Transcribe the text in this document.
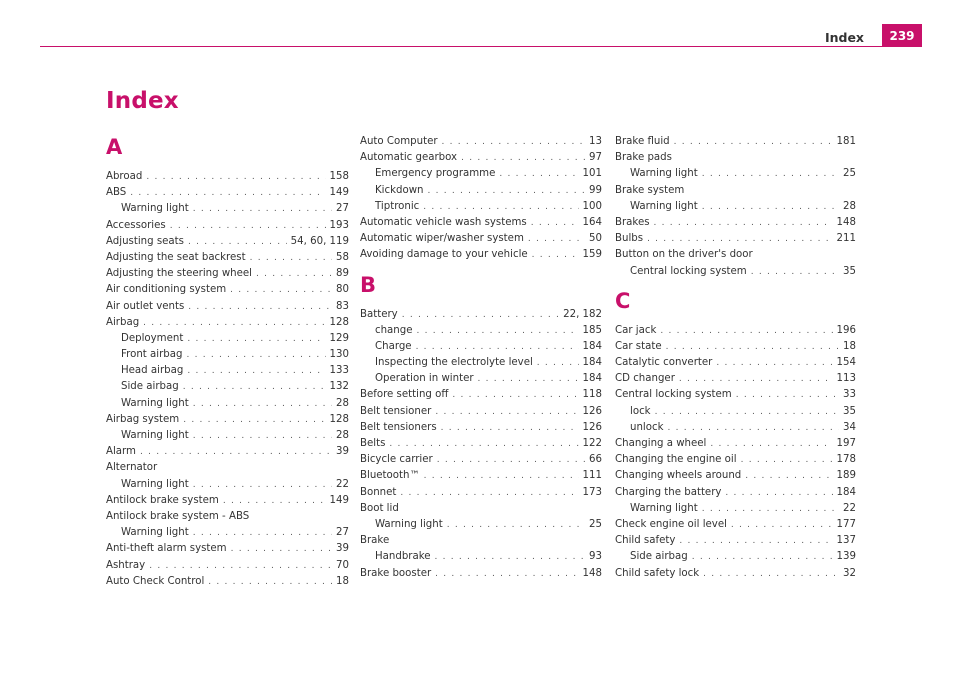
Index	239
Index
A
Abroad . . .	158
ABS . . .	149
Warning light . . .	27
Accessories . . .	193
Adjusting seats . . .	54, 60, 119
Adjusting the seat backrest . . .	58
Adjusting the steering wheel . . .	89
Air conditioning system . . .	80
Air outlet vents . . .	83
Airbag . . .	128
Deployment . . .	129
Front airbag . . .	130
Head airbag . . .	133
Side airbag . . .	132
Warning light . . .	28
Airbag system . . .	128
Warning light . . .	28
Alarm . . .	39
Alternator
Warning light . . .	22
Antilock brake system . . .	149
Antilock brake system - ABS
Warning light . . .	27
Anti-theft alarm system . . .	39
Ashtray . . .	70
Auto Check Control . . .	18
Auto Computer . . .	13
Automatic gearbox . . .	97
Emergency programme . . .	101
Kickdown . . .	99
Tiptronic . . .	100
Automatic vehicle wash systems . . .	164
Automatic wiper/washer system . . .	50
Avoiding damage to your vehicle . . .	159
B
Battery . . .	22, 182
change . . .	185
Charge . . .	184
Inspecting the electrolyte level . . .	184
Operation in winter . . .	184
Before setting off . . .	118
Belt tensioner . . .	126
Belt tensioners . . .	126
Belts . . .	122
Bicycle carrier . . .	66
Bluetooth™ . . .	111
Bonnet . . .	173
Boot lid
Warning light . . .	25
Brake
Handbrake . . .	93
Brake booster . . .	148
Brake fluid . . .	181
Brake pads
Warning light . . .	25
Brake system
Warning light . . .	28
Brakes . . .	148
Bulbs . . .	211
Button on the driver's door
Central locking system . . .	35
C
Car jack . . .	196
Car state . . .	18
Catalytic converter . . .	154
CD changer . . .	113
Central locking system . . .	33
lock . . .	35
unlock . . .	34
Changing a wheel . . .	197
Changing the engine oil . . .	178
Changing wheels around . . .	189
Charging the battery . . .	184
Warning light . . .	22
Check engine oil level . . .	177
Child safety . . .	137
Side airbag . . .	139
Child safety lock . . .	32
